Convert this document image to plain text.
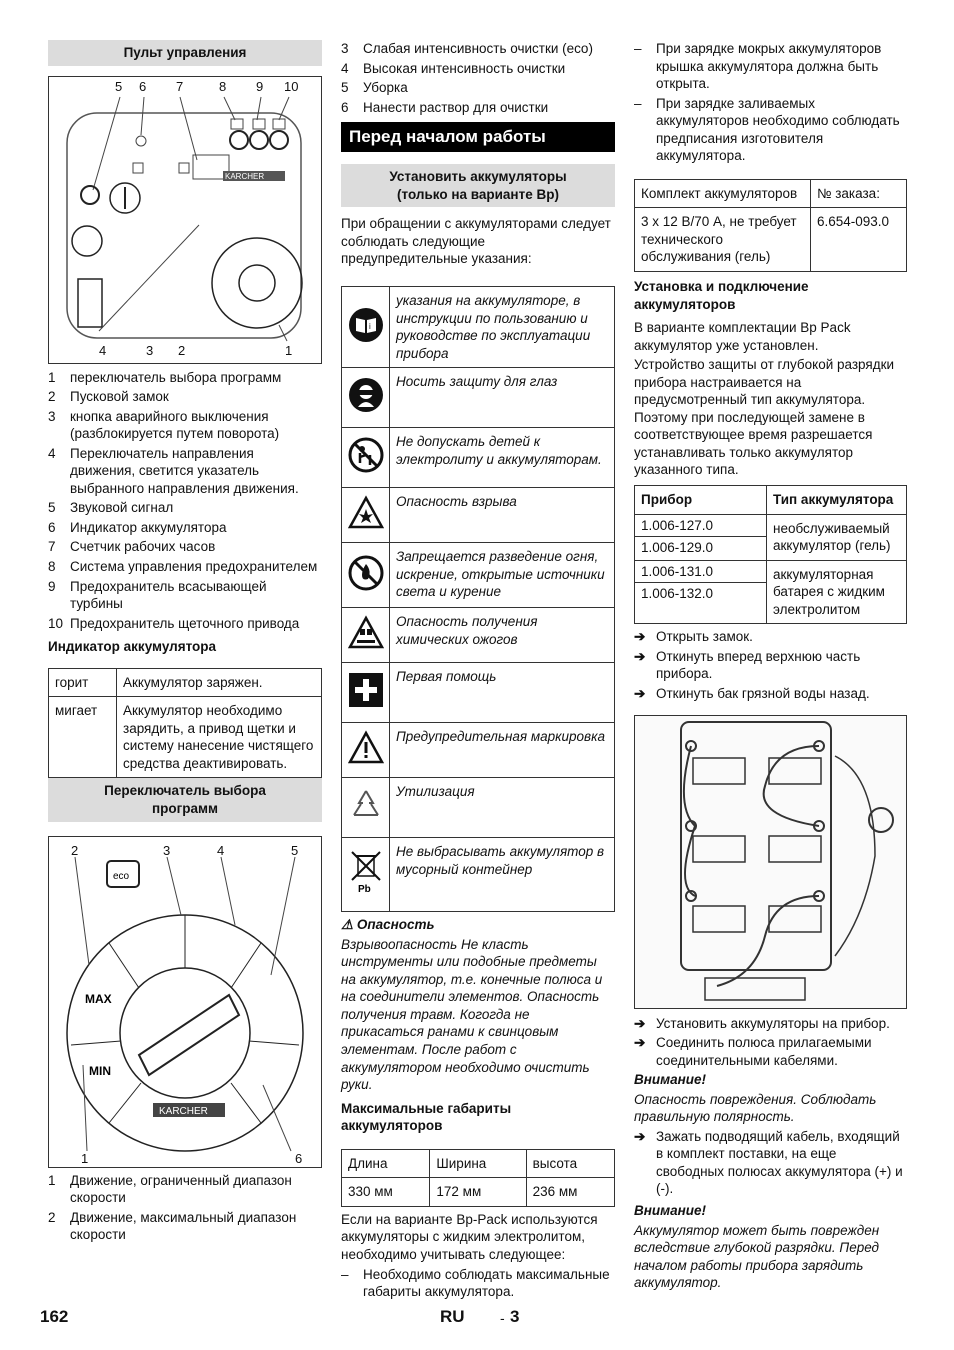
Пульт управления
5 6 7	8 9 10
KARCHER
4	3 2	1
1	переключатель выбора программ
2	Пусковой замок
3	кнопка аварийного выключения (разблокируется путем поворота)
4	Переключатель направления движения, светится указатель выбранного направления движения.
5	Звуковой сигнал
6	Индикатор аккумулятора
7	Счетчик рабочих часов
8	Система управления предохранителем
9	Предохранитель всасывающей турбины
10 Предохранитель щеточного привода
Индикатор аккумулятора
горит	Аккумулятор заряжен.
мигает	Аккумулятор необходимо зарядить, а привод щетки и систему нанесение чистящего средства деактивировать.
Переключатель выбора
программ
2	3	4	5
eco
MAX
MIN
KARCHER
1	6
1	Движение, ограниченный диапазон скорости
2	Движение, максимальный диапазон скорости
3	Слабая интенсивность очистки (eco)
4	Высокая интенсивность очистки
5	Уборка
6	Нанести раствор для очистки
Перед началом работы
Установить аккумуляторы
(только на варианте Bp)

При обращении с аккумуляторами следует соблюдать следующие предупредительные указания:

i	указания на аккумуляторе, в инструкции по пользованию и руководстве по эксплуатации прибора
	Носить защиту для глаз
	Не допускать детей к электролиту и аккумуляторам.
	Опасность взрыва
	Запрещается разведение огня, искрение, открытые источники света и курение
	Опасность получения химических ожогов
	Первая помощь
	Предупредительная маркировка
	Утилизация

Pb	Не выбрасывать аккумулятор в мусорный контейнер

⚠ Опасность

Взрывоопасность Не класть инструменты или подобные предметы на аккумулятор, т.е. конечные полюса и на соединители элементов. Опасность получения травм. Когогда не прикасаться ранами к свинцовым элементам. После работ с аккумулятором необходимо очистить руки.

Максимальные габариты аккумуляторов
Длина	Ширина	высота
330 мм	172 мм	236 мм

Если на варианте Bp-Pack используются аккумуляторы с жидким электролитом, необходимо учитывать следующее:

–	Необходимо соблюдать максимальные габариты аккумулятора.
–	При зарядке мокрых аккумуляторов крышка аккумулятора должна быть открыта.
–	При зарядке заливаемых аккумуляторов необходимо соблюдать предписания изготовителя аккумулятора.
Комплект аккумуляторов	№ заказа:
3 x 12 В/70 А, не требует технического обслуживания (гель)	6.654-093.0
Установка и подключение аккумуляторов

В варианте комплектации Bp Pack аккумулятор уже установлен.

Устройство защиты от глубокой разрядки прибора настраивается на предусмотренный тип аккумулятора. Поэтому при последующей замене в соответствующее время разрешается устанавливать только аккумулятор указанного типа.

Прибор	Тип аккумулятора

1.006-127.0
1.006-129.0	необслуживаемый аккумулятор (гель)

1.006-131.0
1.006-132.0	аккумуляторная батарея с жидким электролитом
➔ Открыть замок.
➔ Откинуть вперед верхнюю часть прибора.
➔ Откинуть бак грязной воды назад.
➔ Установить аккумуляторы на прибор.
➔ Соединить полюса прилагаемыми соединительными кабелями.

Внимание!

Опасность повреждения. Соблюдать правильную полярность.

➔ Зажать подводящий кабель, входящий в комплект поставки, на еще свободных полюсах аккумулятора (+) и (-).

Внимание!

Аккумулятор может быть поврежден вследствие глубокой разрядки. Перед началом работы прибора зарядить аккумулятор.

162	RU	- 3
